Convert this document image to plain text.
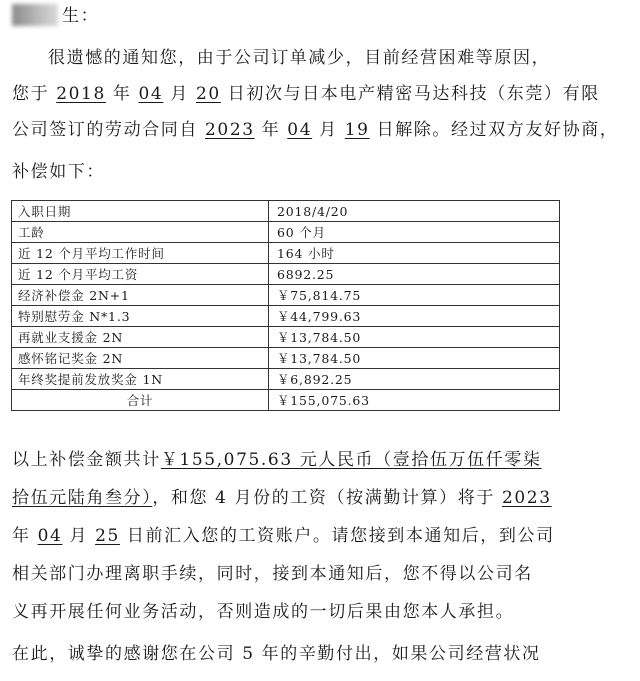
生：
很遗憾的通知您，由于公司订单减少，目前经营困难等原因，
您于 2018 年 04 月 20 日初次与日本电产精密马达科技（东莞）有限
公司签订的劳动合同自 2023 年 04 月 19 日解除。经过双方友好协商，
补偿如下：
入职日期	2018/4/20
工龄	60 个月
近 12 个月平均工作时间	164 小时
近 12 个月平均工资	6892.25
经济补偿金 2N+1	￥75,814.75
特别慰劳金 N*1.3	￥44,799.63
再就业支援金 2N	￥13,784.50
感怀铭记奖金 2N	￥13,784.50
年终奖提前发放奖金 1N	￥6,892.25
合计	￥155,075.63
以上补偿金额共计￥155,075.63 元人民币（壹拾伍万伍仟零柒
拾伍元陆角叁分），和您 4 月份的工资（按满勤计算）将于 2023
年 04 月 25 日前汇入您的工资账户。请您接到本通知后，到公司
相关部门办理离职手续，同时，接到本通知后，您不得以公司名
义再开展任何业务活动，否则造成的一切后果由您本人承担。
在此，诚挚的感谢您在公司 5 年的辛勤付出，如果公司经营状况
